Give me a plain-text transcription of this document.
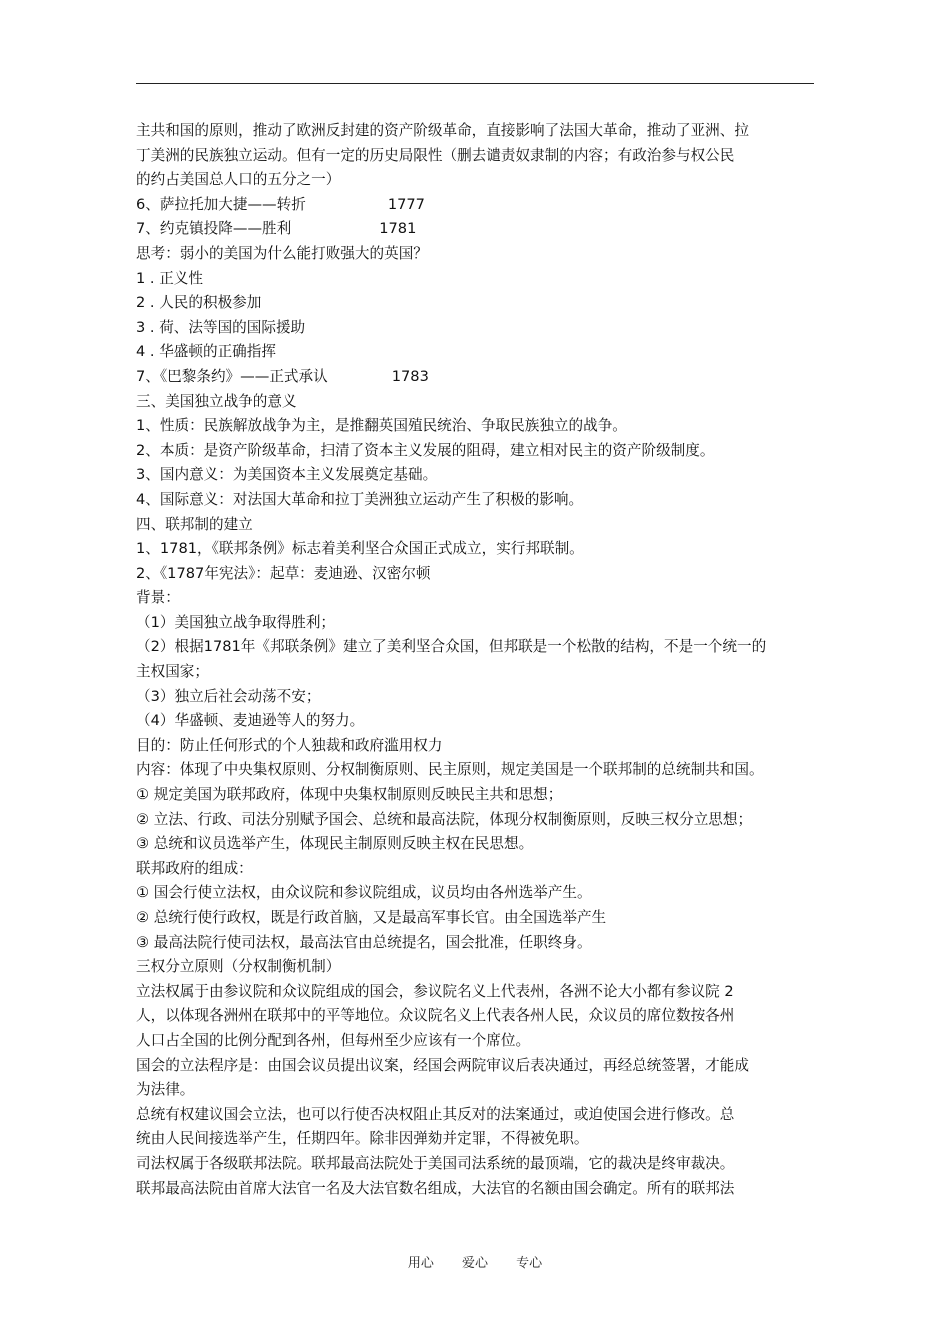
主共和国的原则，推动了欧洲反封建的资产阶级革命，直接影响了法国大革命，推动了亚洲、拉
丁美洲的民族独立运动。但有一定的历史局限性（删去谴责奴隶制的内容；有政治参与权公民
的约占美国总人口的五分之一）
6、萨拉托加大捷——转折	1777
7、约克镇投降——胜利	1781
思考：弱小的美国为什么能打败强大的英国？
1 . 正义性
2 . 人民的积极参加
3 . 荷、法等国的国际援助
4 . 华盛顿的正确指挥
7、《巴黎条约》——正式承认	1783
三、美国独立战争的意义
1、性质：民族解放战争为主，是推翻英国殖民统治、争取民族独立的战争。
2、本质：是资产阶级革命，扫清了资本主义发展的阻碍，建立相对民主的资产阶级制度。
3、国内意义：为美国资本主义发展奠定基础。
4、国际意义：对法国大革命和拉丁美洲独立运动产生了积极的影响。
四、联邦制的建立
1、1781，《联邦条例》标志着美利坚合众国正式成立，实行邦联制。
2、《1787年宪法》：起草：麦迪逊、汉密尔顿
背景：
（1）美国独立战争取得胜利；
（2）根据1781年《邦联条例》建立了美利坚合众国，但邦联是一个松散的结构，不是一个统一的
主权国家；
（3）独立后社会动荡不安；
（4）华盛顿、麦迪逊等人的努力。
目的：防止任何形式的个人独裁和政府滥用权力
内容：体现了中央集权原则、分权制衡原则、民主原则，规定美国是一个联邦制的总统制共和国。
① 规定美国为联邦政府，体现中央集权制原则反映民主共和思想；
② 立法、行政、司法分别赋予国会、总统和最高法院，体现分权制衡原则，反映三权分立思想；
③ 总统和议员选举产生，体现民主制原则反映主权在民思想。
联邦政府的组成：
① 国会行使立法权，由众议院和参议院组成，议员均由各州选举产生。
② 总统行使行政权，既是行政首脑，又是最高军事长官。由全国选举产生
③ 最高法院行使司法权，最高法官由总统提名，国会批准，任职终身。
三权分立原则（分权制衡机制）
立法权属于由参议院和众议院组成的国会，参议院名义上代表州，各洲不论大小都有参议院 2
人，以体现各洲州在联邦中的平等地位。众议院名义上代表各州人民，众议员的席位数按各州
人口占全国的比例分配到各州，但每州至少应该有一个席位。
国会的立法程序是：由国会议员提出议案，经国会两院审议后表决通过，再经总统签署，才能成
为法律。
总统有权建议国会立法，也可以行使否决权阻止其反对的法案通过，或迫使国会进行修改。总
统由人民间接选举产生，任期四年。除非因弹劾并定罪，不得被免职。
司法权属于各级联邦法院。联邦最高法院处于美国司法系统的最顶端，它的裁决是终审裁决。
联邦最高法院由首席大法官一名及大法官数名组成，大法官的名额由国会确定。所有的联邦法
用心 爱心 专心
